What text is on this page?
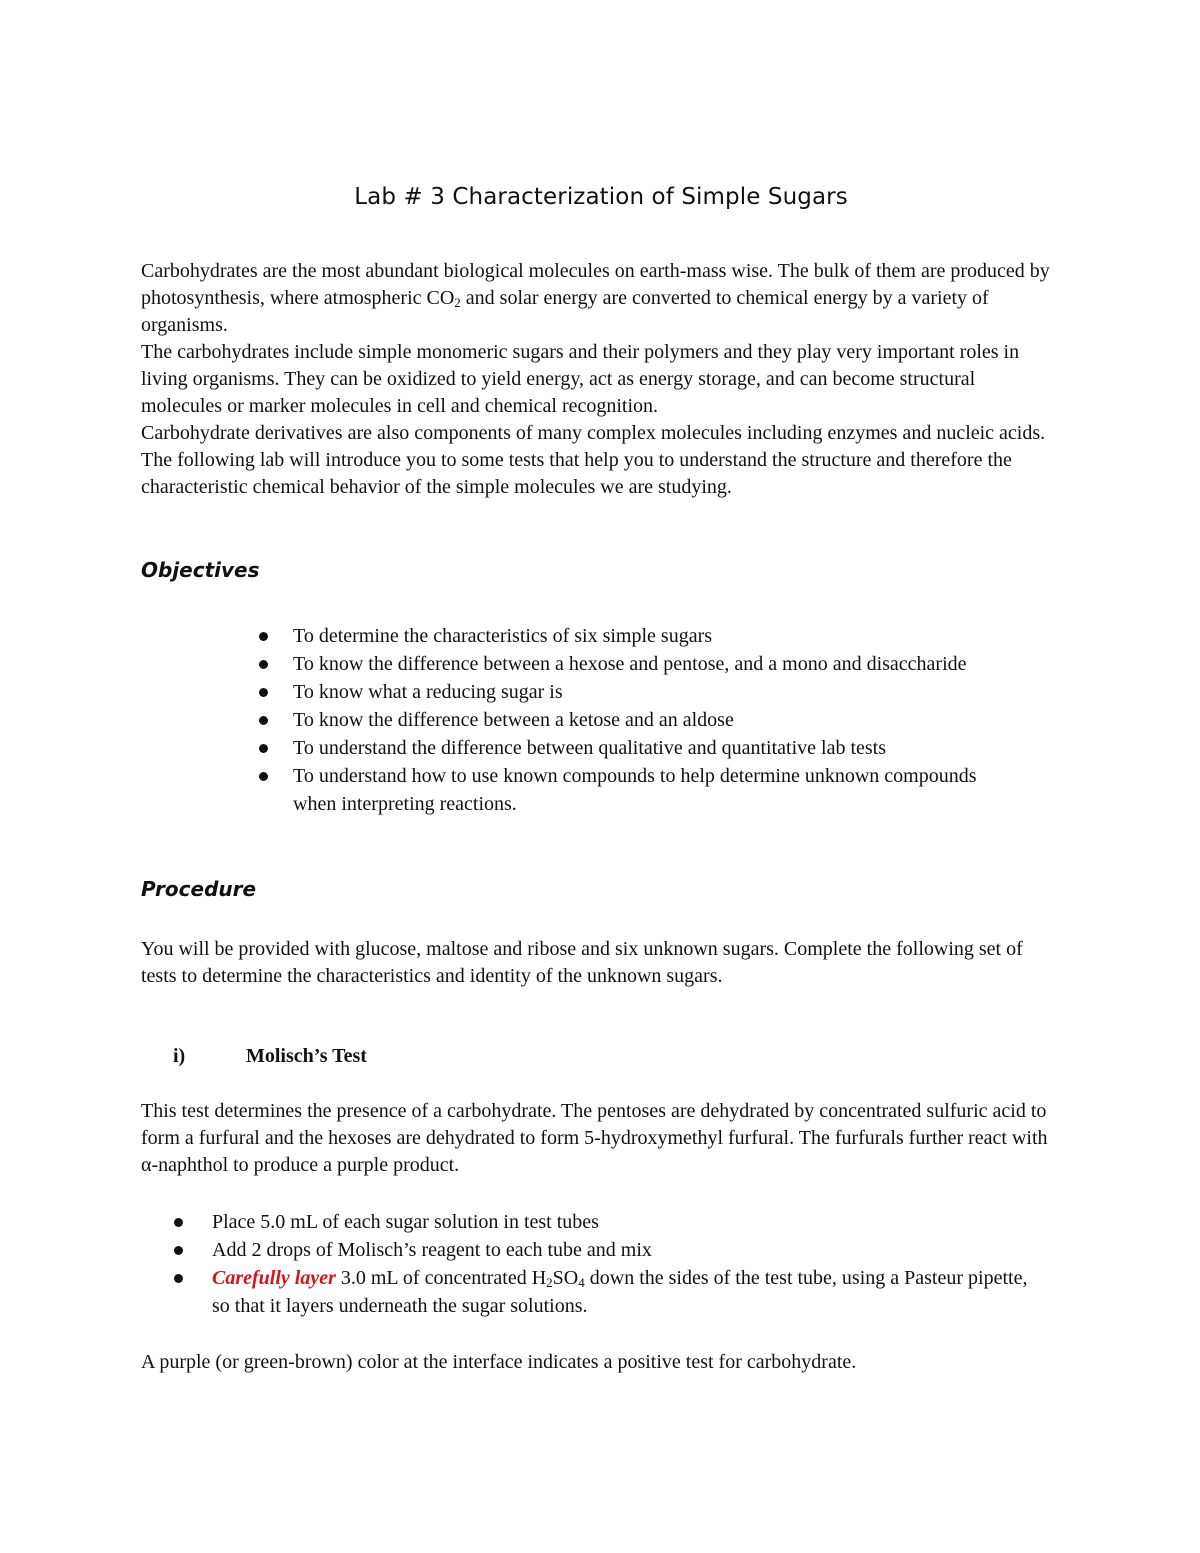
Lab # 3 Characterization of Simple Sugars

Carbohydrates are the most abundant biological molecules on earth-mass wise. The bulk of them are produced by photosynthesis, where atmospheric $CO_2$ and solar energy are converted to chemical energy by a variety of organisms.

The carbohydrates include simple monomeric sugars and their polymers and they play very important roles in living organisms. They can be oxidized to yield energy, act as energy storage, and can become structural molecules or marker molecules in cell and chemical recognition.

Carbohydrate derivatives are also components of many complex molecules including enzymes and nucleic acids.

The following lab will introduce you to some tests that help you to understand the structure and therefore the characteristic chemical behavior of the simple molecules we are studying.

Objectives
To determine the characteristics of six simple sugars
To know the difference between a hexose and pentose, and a mono and disaccharide
To know what a reducing sugar is
To know the difference between a ketose and an aldose
To understand the difference between qualitative and quantitative lab tests
To understand how to use known compounds to help determine unknown compounds when interpreting reactions.
Procedure

You will be provided with glucose, maltose and ribose and six unknown sugars. Complete the following set of tests to determine the characteristics and identity of the unknown sugars.

i)	Molisch’s Test

This test determines the presence of a carbohydrate. The pentoses are dehydrated by concentrated sulfuric acid to form a furfural and the hexoses are dehydrated to form 5-hydroxymethyl furfural. The furfurals further react with α-naphthol to produce a purple product.

Place 5.0 mL of each sugar solution in test tubes
Add 2 drops of Molisch’s reagent to each tube and mix
Carefully layer 3.0 mL of concentrated $H_2SO_4$ down the sides of the test tube, using a Pasteur pipette, so that it layers underneath the sugar solutions.

A purple (or green-brown) color at the interface indicates a positive test for carbohydrate.
